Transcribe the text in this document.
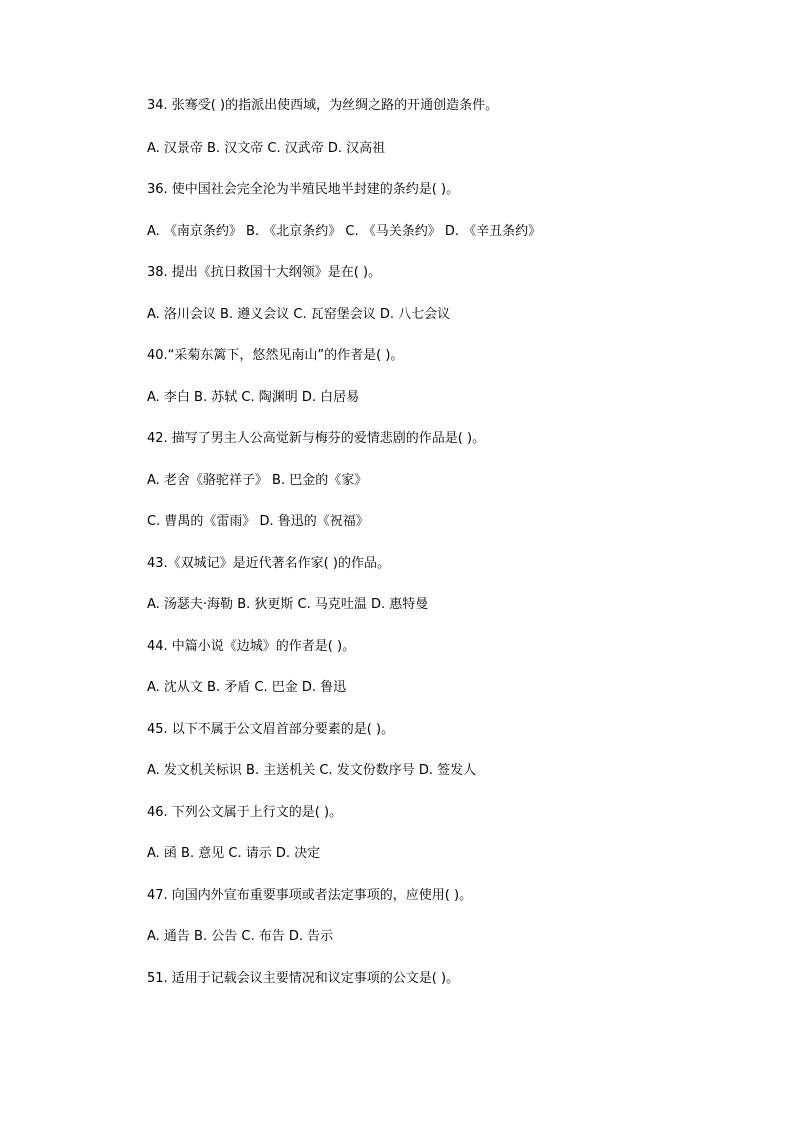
34. 张骞受( )的指派出使西域，为丝绸之路的开通创造条件。
A. 汉景帝 B. 汉文帝 C. 汉武帝 D. 汉高祖
36. 使中国社会完全沦为半殖民地半封建的条约是( )。
A. 《南京条约》 B. 《北京条约》 C. 《马关条约》 D. 《辛丑条约》
38. 提出《抗日救国十大纲领》是在( )。
A. 洛川会议 B. 遵义会议 C. 瓦窑堡会议 D. 八七会议
40.“采菊东篱下，悠然见南山”的作者是( )。
A. 李白 B. 苏轼 C. 陶渊明 D. 白居易
42. 描写了男主人公高觉新与梅芬的爱情悲剧的作品是( )。
A. 老舍《骆驼祥子》 B. 巴金的《家》
C. 曹禺的《雷雨》 D. 鲁迅的《祝福》
43.《双城记》是近代著名作家( )的作品。
A. 汤瑟夫·海勒 B. 狄更斯 C. 马克吐温 D. 惠特曼
44. 中篇小说《边城》的作者是( )。
A. 沈从文 B. 矛盾 C. 巴金 D. 鲁迅
45. 以下不属于公文眉首部分要素的是( )。
A. 发文机关标识 B. 主送机关 C. 发文份数序号 D. 签发人
46. 下列公文属于上行文的是( )。
A. 函 B. 意见 C. 请示 D. 决定
47. 向国内外宣布重要事项或者法定事项的，应使用( )。
A. 通告 B. 公告 C. 布告 D. 告示
51. 适用于记载会议主要情况和议定事项的公文是( )。
